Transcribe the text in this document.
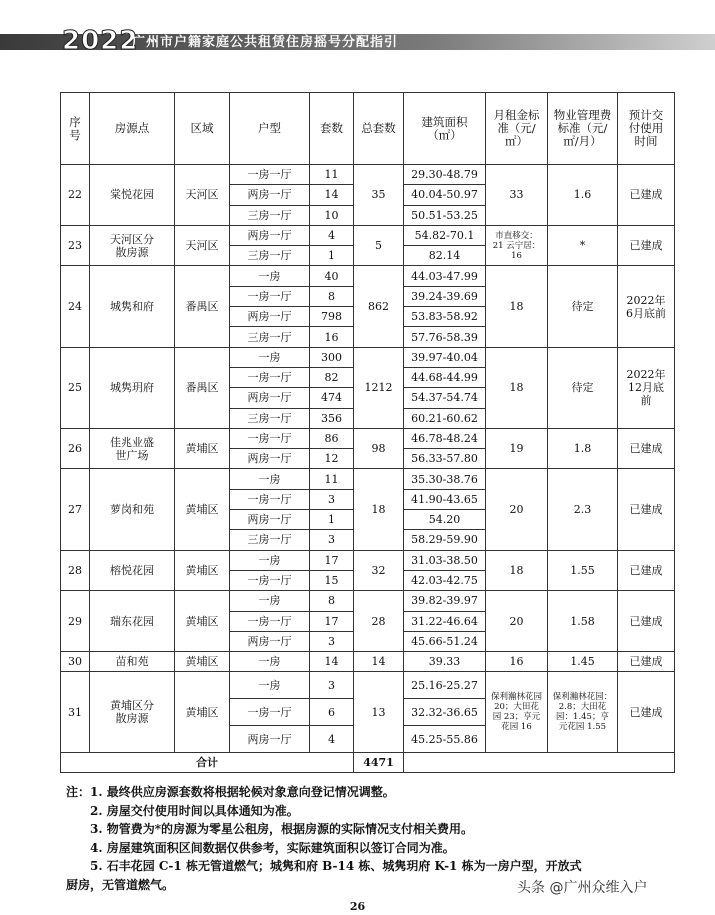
2022
广州市户籍家庭公共租赁住房摇号分配指引
序号	房源点	区域	户型	套数	总套数	建筑面积（㎡）	月租金标准（元/㎡）	物业管理费标准（元/㎡/月）	预计交付使用时间
22	棠悦花园	天河区	一房一厅	11	35	29.30-48.79	33	1.6	已建成
			两房一厅	14		40.04-50.97			
			三房一厅	10		50.51-53.25			
23	天河区分散房源	天河区	两房一厅	4	5	54.82-70.1	市直移交：21 云宁居：16	*	已建成
			三房一厅	1		82.14			
24	城隽和府	番禺区	一房	40	862	44.03-47.99	18	待定	2022年6月底前
			一房一厅	8		39.24-39.69			
			两房一厅	798		53.83-58.92			
			三房一厅	16		57.76-58.39			
25	城隽玥府	番禺区	一房	300	1212	39.97-40.04	18	待定	2022年12月底前
			一房一厅	82		44.68-44.99			
			两房一厅	474		54.37-54.74			
			三房一厅	356		60.21-60.62			
26	佳兆业盛世广场	黄埔区	一房一厅	86	98	46.78-48.24	19	1.8	已建成
			两房一厅	12		56.33-57.80			
27	萝岗和苑	黄埔区	一房	11	18	35.30-38.76	20	2.3	已建成
			一房一厅	3		41.90-43.65			
			两房一厅	1		54.20			
			三房一厅	3		58.29-59.90			
28	榕悦花园	黄埔区	一房	17	32	31.03-38.50	18	1.55	已建成
			一房一厅	15		42.03-42.75			
29	瑞东花园	黄埔区	一房	8	28	39.82-39.97	20	1.58	已建成
			一房一厅	17		31.22-46.64			
			两房一厅	3		45.66-51.24			
30	苗和苑	黄埔区	一房	14	14	39.33	16	1.45	已建成
31	黄埔区分散房源	黄埔区	一房	3	13	25.16-25.27	保利瀚林花园 20；大田花园 23；亨元花园 16	保利瀚林花园：2.8；大田花园：1.45；亨元花园 1.55	已建成
			一房一厅	6		32.32-36.65			
			两房一厅	4		45.25-55.86			
合计					4471				
注：1. 最终供应房源套数将根据轮候对象意向登记情况调整。
2. 房屋交付使用时间以具体通知为准。
3. 物管费为*的房源为零星公租房，根据房源的实际情况支付相关费用。
4. 房屋建筑面积区间数据仅供参考，实际建筑面积以签订合同为准。
5. 石丰花园 C-1 栋无管道燃气；城隽和府 B-14 栋、城隽玥府 K-1 栋为一房户型，开放式
厨房，无管道燃气。
26
头条 @广州众维入户
